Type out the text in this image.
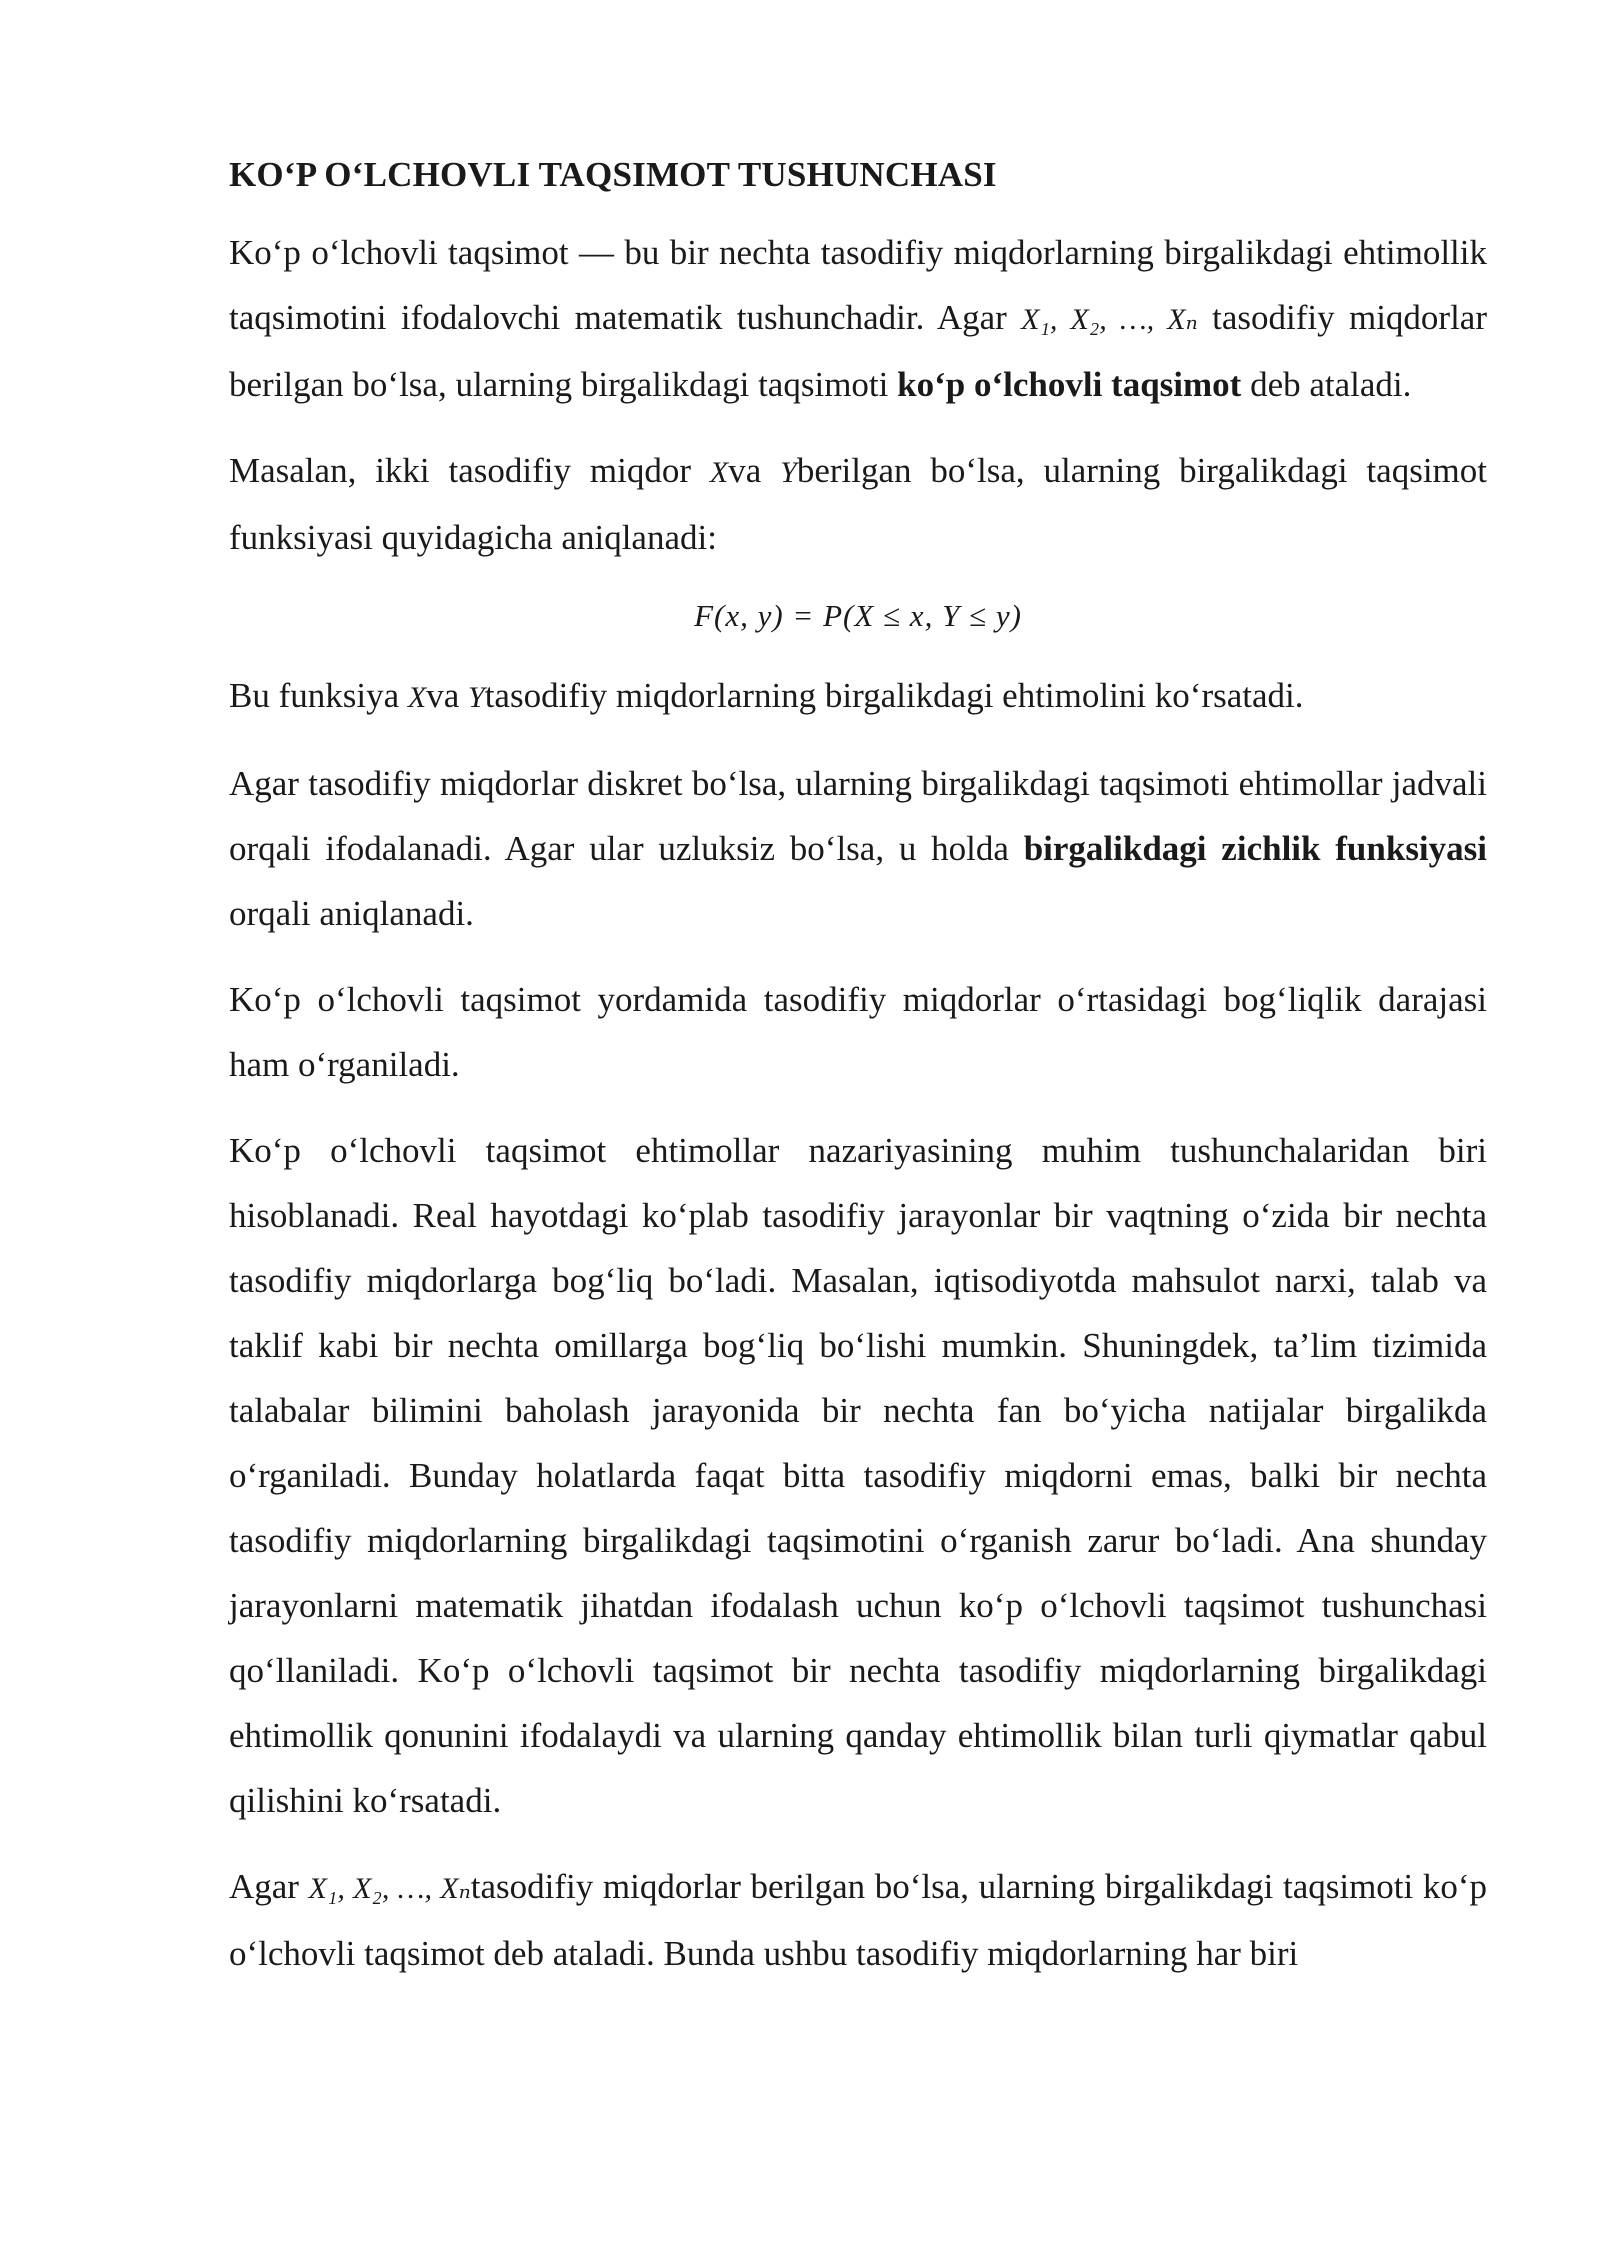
KO‘P O‘LCHOVLI TAQSIMOT TUSHUNCHASI

Ko‘p o‘lchovli taqsimot — bu bir nechta tasodifiy miqdorlarning birgalikdagi ehtimollik taqsimotini ifodalovchi matematik tushunchadir. Agar X₁, X₂, …, Xₙ tasodifiy miqdorlar berilgan bo‘lsa, ularning birgalikdagi taqsimoti ko‘p o‘lchovli taqsimot deb ataladi.

Masalan, ikki tasodifiy miqdor Xva Yberilgan bo‘lsa, ularning birgalikdagi taqsimot funksiyasi quyidagicha aniqlanadi:

F(x, y) = P(X ≤ x, Y ≤ y)

Bu funksiya Xva Ytasodifiy miqdorlarning birgalikdagi ehtimolini ko‘rsatadi.

Agar tasodifiy miqdorlar diskret bo‘lsa, ularning birgalikdagi taqsimoti ehtimollar jadvali orqali ifodalanadi. Agar ular uzluksiz bo‘lsa, u holda birgalikdagi zichlik funksiyasi orqali aniqlanadi.

Ko‘p o‘lchovli taqsimot yordamida tasodifiy miqdorlar o‘rtasidagi bog‘liqlik darajasi ham o‘rganiladi.

Ko‘p o‘lchovli taqsimot ehtimollar nazariyasining muhim tushunchalaridan biri hisoblanadi. Real hayotdagi ko‘plab tasodifiy jarayonlar bir vaqtning o‘zida bir nechta tasodifiy miqdorlarga bog‘liq bo‘ladi. Masalan, iqtisodiyotda mahsulot narxi, talab va taklif kabi bir nechta omillarga bog‘liq bo‘lishi mumkin. Shuningdek, ta’lim tizimida talabalar bilimini baholash jarayonida bir nechta fan bo‘yicha natijalar birgalikda o‘rganiladi. Bunday holatlarda faqat bitta tasodifiy miqdorni emas, balki bir nechta tasodifiy miqdorlarning birgalikdagi taqsimotini o‘rganish zarur bo‘ladi. Ana shunday jarayonlarni matematik jihatdan ifodalash uchun ko‘p o‘lchovli taqsimot tushunchasi qo‘llaniladi. Ko‘p o‘lchovli taqsimot bir nechta tasodifiy miqdorlarning birgalikdagi ehtimollik qonunini ifodalaydi va ularning qanday ehtimollik bilan turli qiymatlar qabul qilishini ko‘rsatadi.

Agar X₁, X₂, …, Xₙtasodifiy miqdorlar berilgan bo‘lsa, ularning birgalikdagi taqsimoti ko‘p o‘lchovli taqsimot deb ataladi. Bunda ushbu tasodifiy miqdorlarning har biri
